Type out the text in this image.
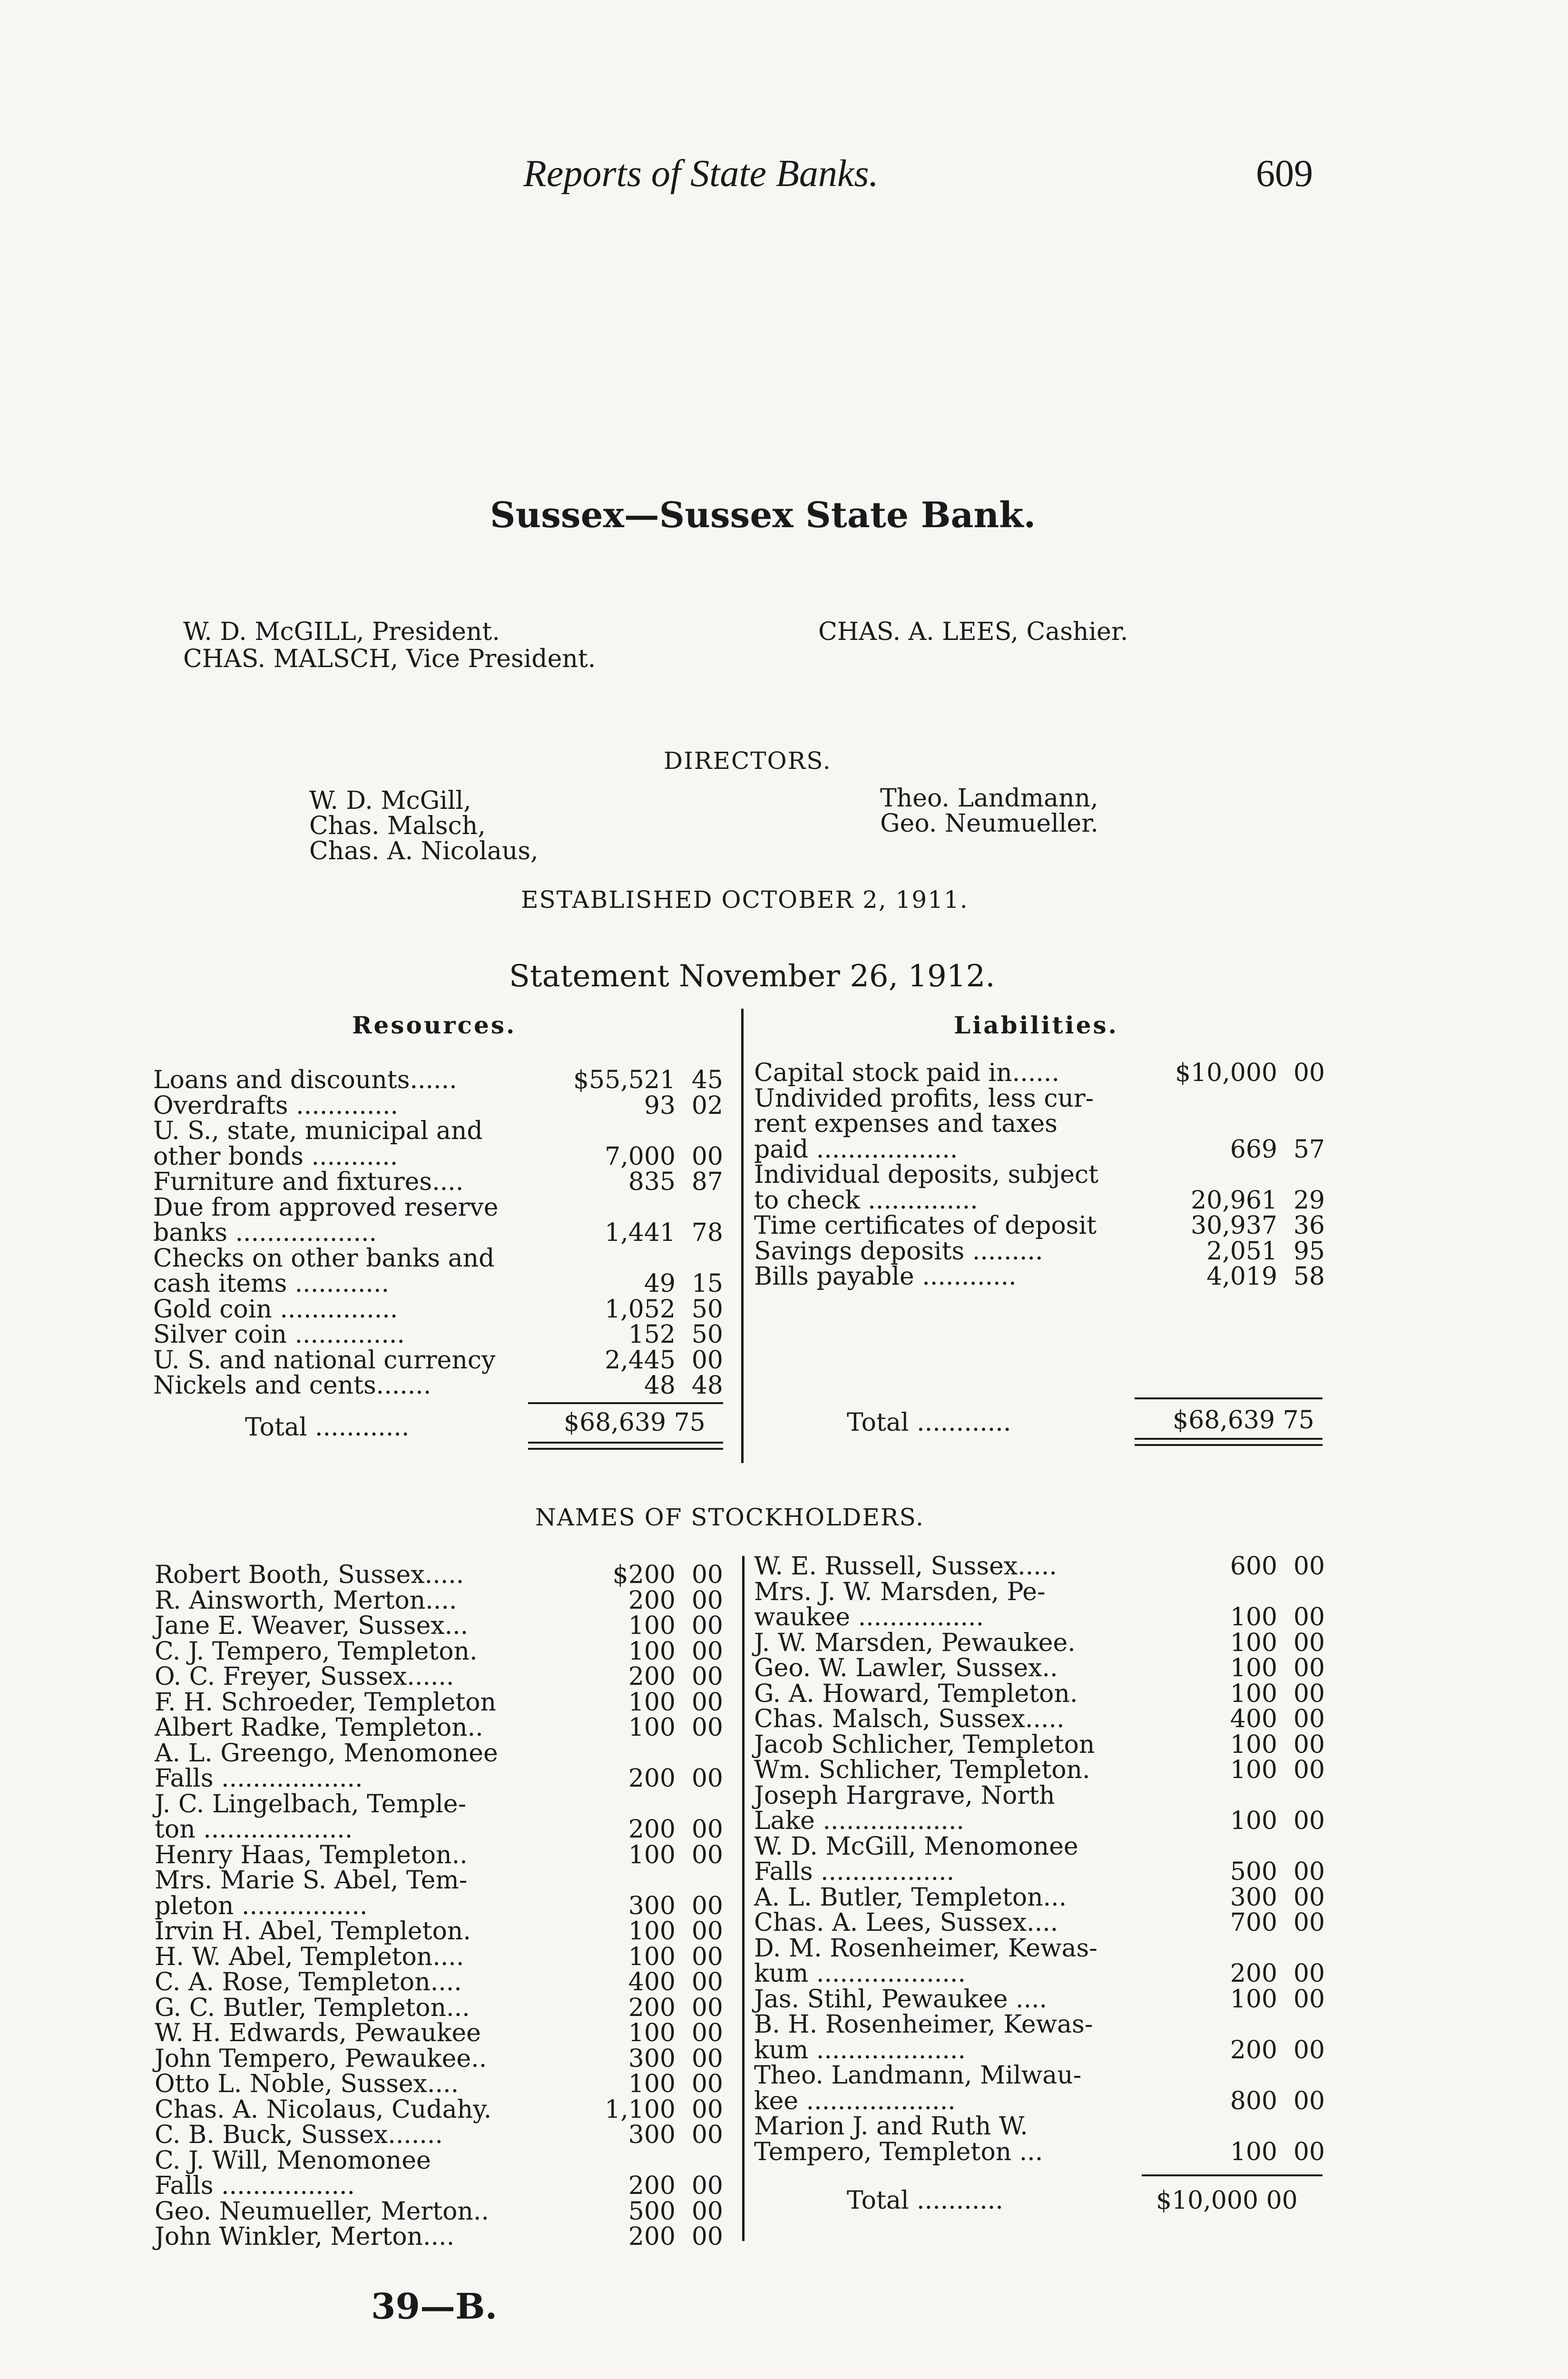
Reports of State Banks.	609
Sussex—Sussex State Bank.
W. D. McGILL, President.
CHAS. MALSCH, Vice President.
CHAS. A. LEES, Cashier.
DIRECTORS.
W. D. McGill,
Chas. Malsch,
Chas. A. Nicolaus,
Theo. Landmann,
Geo. Neumueller.
ESTABLISHED OCTOBER 2, 1911.
Statement November 26, 1912.
Resources.	Liabilities.
Loans and discounts......	$55,521 45
Overdrafts .............	93 02
U. S., state, municipal and
other bonds ...........	7,000 00
Furniture and fixtures....	835 87
Due from approved reserve
banks ..................	1,441 78
Checks on other banks and
cash items ............	49 15
Gold coin ...............	1,052 50
Silver coin ..............	152 50
U. S. and national currency	2,445 00
Nickels and cents.......	48 48
Capital stock paid in......	$10,000 00
Undivided profits, less cur-
rent expenses and taxes
paid ..................	669 57
Individual deposits, subject
to check ..............	20,961 29
Time certificates of deposit	30,937 36
Savings deposits .........	2,051 95
Bills payable ............	4,019 58
Total ............	$68,639 75	Total ............	$68,639 75
NAMES OF STOCKHOLDERS.
Robert Booth, Sussex.....	$200 00
R. Ainsworth, Merton....	200 00
Jane E. Weaver, Sussex...	100 00
C. J. Tempero, Templeton.	100 00
O. C. Freyer, Sussex......	200 00
F. H. Schroeder, Templeton	100 00
Albert Radke, Templeton..	100 00
A. L. Greengo, Menomonee
Falls ..................	200 00
J. C. Lingelbach, Temple-
ton ...................	200 00
Henry Haas, Templeton..	100 00
Mrs. Marie S. Abel, Tem-
pleton ................	300 00
Irvin H. Abel, Templeton.	100 00
H. W. Abel, Templeton....	100 00
C. A. Rose, Templeton....	400 00
G. C. Butler, Templeton...	200 00
W. H. Edwards, Pewaukee	100 00
John Tempero, Pewaukee..	300 00
Otto L. Noble, Sussex....	100 00
Chas. A. Nicolaus, Cudahy.	1,100 00
C. B. Buck, Sussex.......	300 00
C. J. Will, Menomonee
Falls .................	200 00
Geo. Neumueller, Merton..	500 00
John Winkler, Merton....	200 00
W. E. Russell, Sussex.....	600 00
Mrs. J. W. Marsden, Pe-
waukee ................	100 00
J. W. Marsden, Pewaukee.	100 00
Geo. W. Lawler, Sussex..	100 00
G. A. Howard, Templeton.	100 00
Chas. Malsch, Sussex.....	400 00
Jacob Schlicher, Templeton	100 00
Wm. Schlicher, Templeton.	100 00
Joseph Hargrave, North
Lake ..................	100 00
W. D. McGill, Menomonee
Falls .................	500 00
A. L. Butler, Templeton...	300 00
Chas. A. Lees, Sussex....	700 00
D. M. Rosenheimer, Kewas-
kum ...................	200 00
Jas. Stihl, Pewaukee ....	100 00
B. H. Rosenheimer, Kewas-
kum ...................	200 00
Theo. Landmann, Milwau-
kee ...................	800 00
Marion J. and Ruth W.
Tempero, Templeton ...	100 00
Total ...........	$10,000 00
39—B.
